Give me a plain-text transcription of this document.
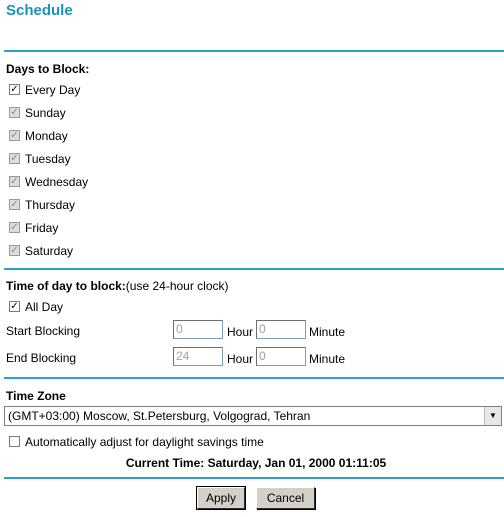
Schedule
Days to Block:
✓ Every Day
✓ Sunday
✓ Monday
✓ Tuesday
✓ Wednesday
✓ Thursday
✓ Friday
✓ Saturday
Time of day to block:(use 24-hour clock)
✓ All Day
Start Blocking	0	Hour 0	Minute
End Blocking	24	Hour 0	Minute
Time Zone
(GMT+03:00) Moscow, St.Petersburg, Volgograd, Tehran	▼
Automatically adjust for daylight savings time
Current Time: Saturday, Jan 01, 2000 01:11:05
Apply	Cancel
